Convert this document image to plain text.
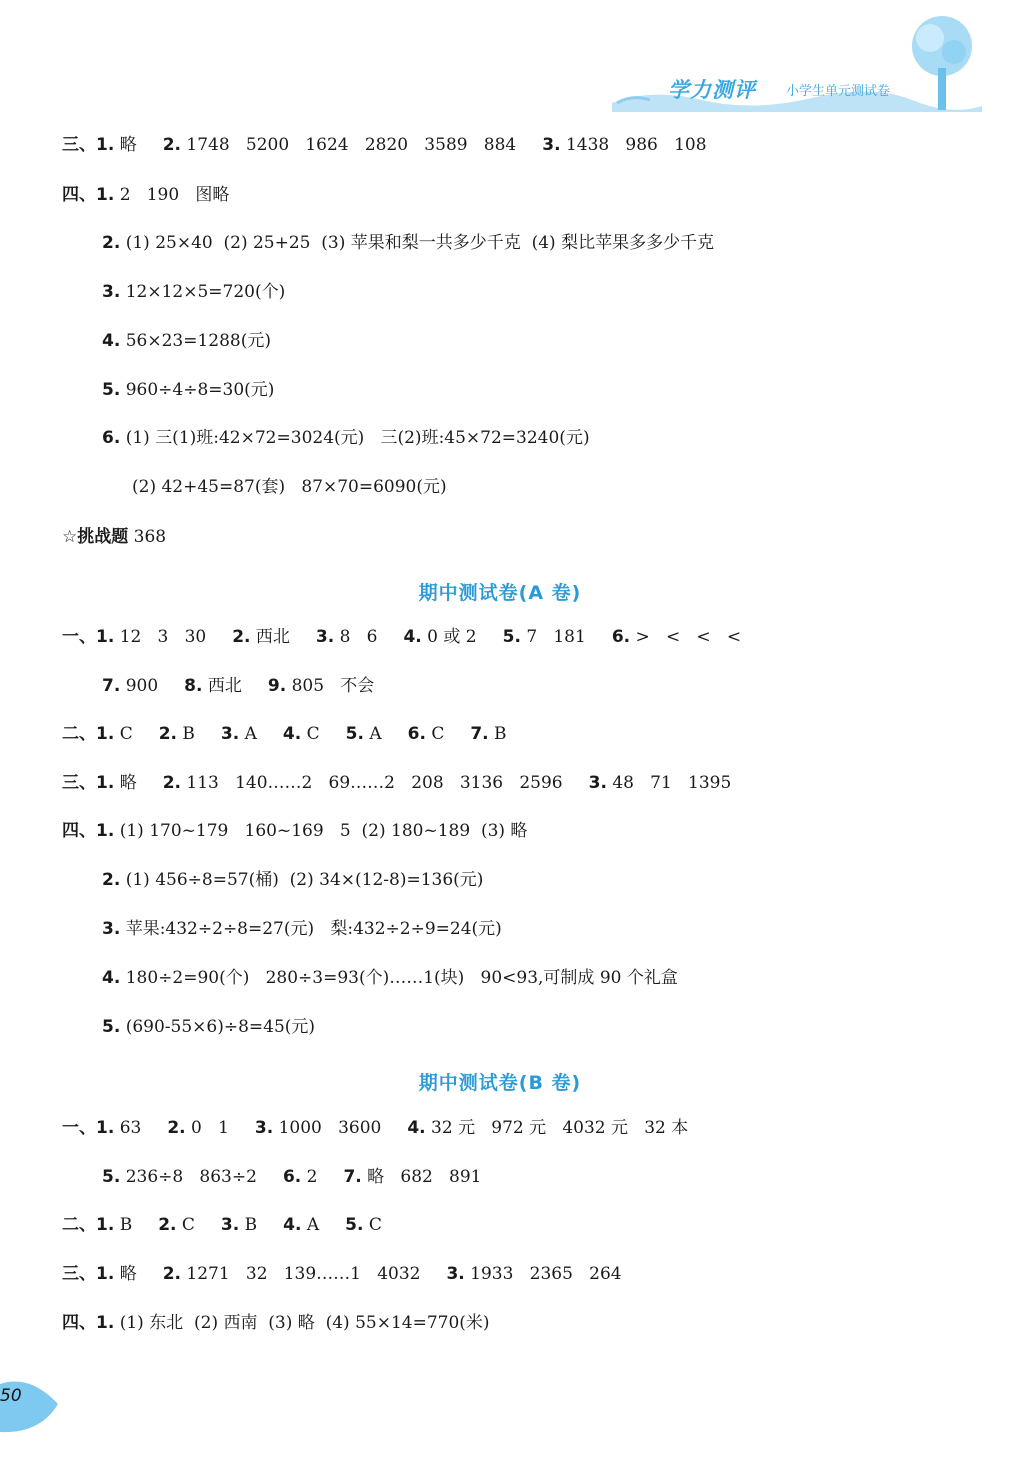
学力测评 小学生单元测试卷
三、1. 略 2. 1748   5200   1624   2820   3589   884 3. 1438   986   108
四、1. 2   190   图略
2. (1) 25×40  (2) 25+25  (3) 苹果和梨一共多少千克  (4) 梨比苹果多多少千克
3. 12×12×5=720(个)
4. 56×23=1288(元)
5. 960÷4÷8=30(元)
6. (1) 三(1)班:42×72=3024(元)   三(2)班:45×72=3240(元)
(2) 42+45=87(套)   87×70=6090(元)
☆挑战题 368
一、1. 12   3   30 2. 西北 3. 8   6 4. 0 或 2 5. 7   181 6. >   <   <   <
7. 900 8. 西北 9. 805   不会
二、1. C 2. B 3. A 4. C 5. A 6. C 7. B
三、1. 略 2. 113   140……2   69……2   208   3136   2596 3. 48   71   1395
四、1. (1) 170~179   160~169   5  (2) 180~189  (3) 略
2. (1) 456÷8=57(桶)  (2) 34×(12-8)=136(元)
3. 苹果:432÷2÷8=27(元)   梨:432÷2÷9=24(元)
4. 180÷2=90(个)   280÷3=93(个)……1(块)   90<93,可制成 90 个礼盒
5. (690-55×6)÷8=45(元)
一、1. 63 2. 0   1 3. 1000   3600 4. 32 元   972 元   4032 元   32 本
5. 236÷8   863÷2 6. 2 7. 略   682   891
二、1. B 2. C 3. B 4. A 5. C
三、1. 略 2. 1271   32   139……1   4032 3. 1933   2365   264
四、1. (1) 东北  (2) 西南  (3) 略  (4) 55×14=770(米)
期中测试卷(A 卷)
期中测试卷(B 卷)
50
